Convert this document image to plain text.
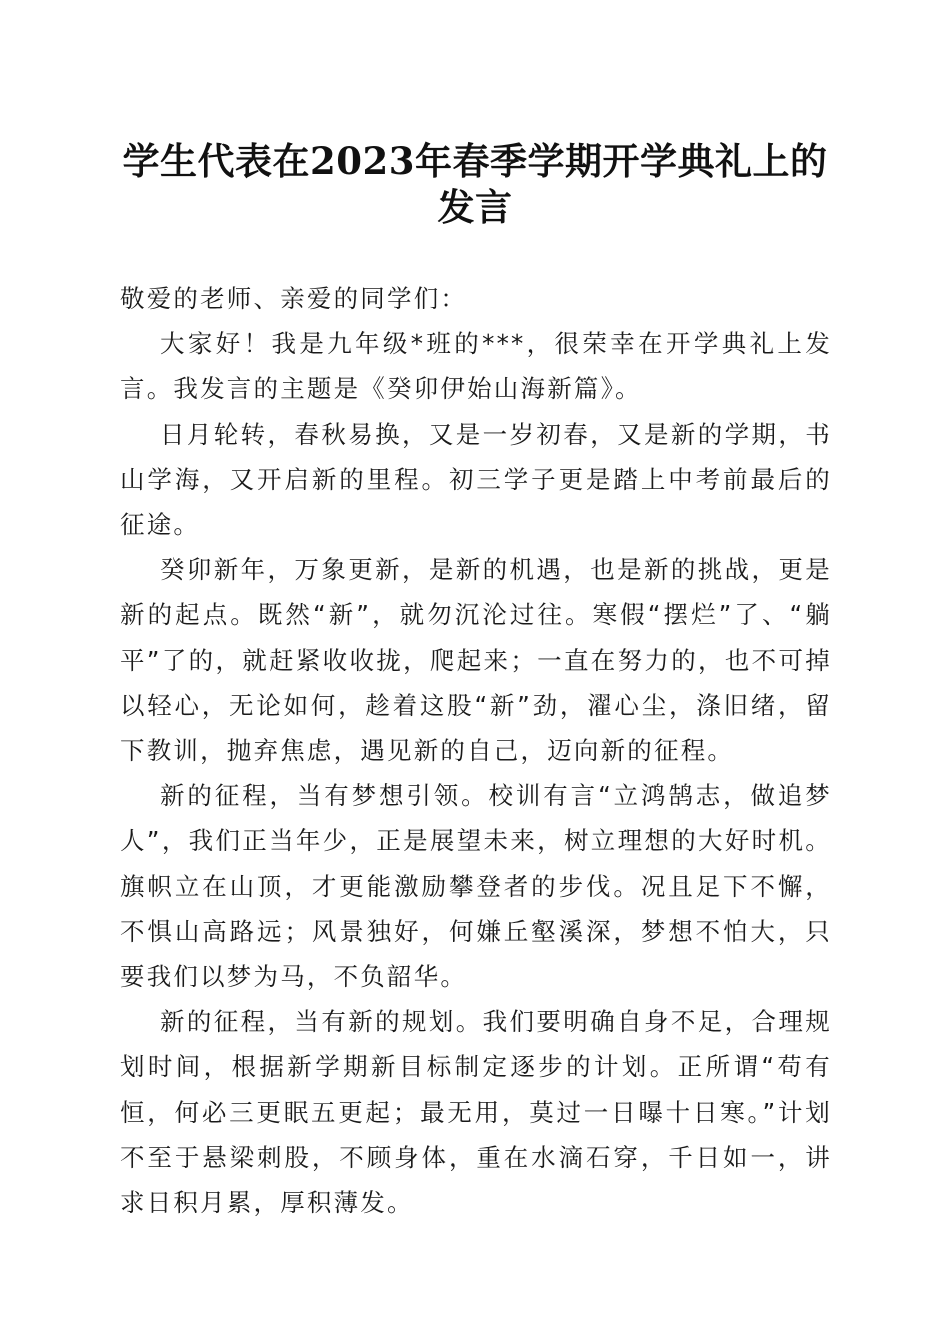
学生代表在2023年春季学期开学典礼上的发言

敬爱的老师、亲爱的同学们：

大家好！我是九年级*班的***，很荣幸在开学典礼上发言。我发言的主题是《癸卯伊始山海新篇》。

日月轮转，春秋易换，又是一岁初春，又是新的学期，书山学海，又开启新的里程。初三学子更是踏上中考前最后的征途。

癸卯新年，万象更新，是新的机遇，也是新的挑战，更是新的起点。既然“新”，就勿沉沦过往。寒假“摆烂”了、“躺平”了的，就赶紧收收拢，爬起来；一直在努力的，也不可掉以轻心，无论如何，趁着这股“新”劲，濯心尘，涤旧绪，留下教训，抛弃焦虑，遇见新的自己，迈向新的征程。

新的征程，当有梦想引领。校训有言“立鸿鹄志，做追梦人”，我们正当年少，正是展望未来，树立理想的大好时机。旗帜立在山顶，才更能激励攀登者的步伐。况且足下不懈，不惧山高路远；风景独好，何嫌丘壑溪深，梦想不怕大，只要我们以梦为马，不负韶华。

新的征程，当有新的规划。我们要明确自身不足，合理规划时间，根据新学期新目标制定逐步的计划。正所谓“苟有恒，何必三更眠五更起；最无用，莫过一日曝十日寒。”计划不至于悬梁刺股，不顾身体，重在水滴石穿，千日如一，讲求日积月累，厚积薄发。
